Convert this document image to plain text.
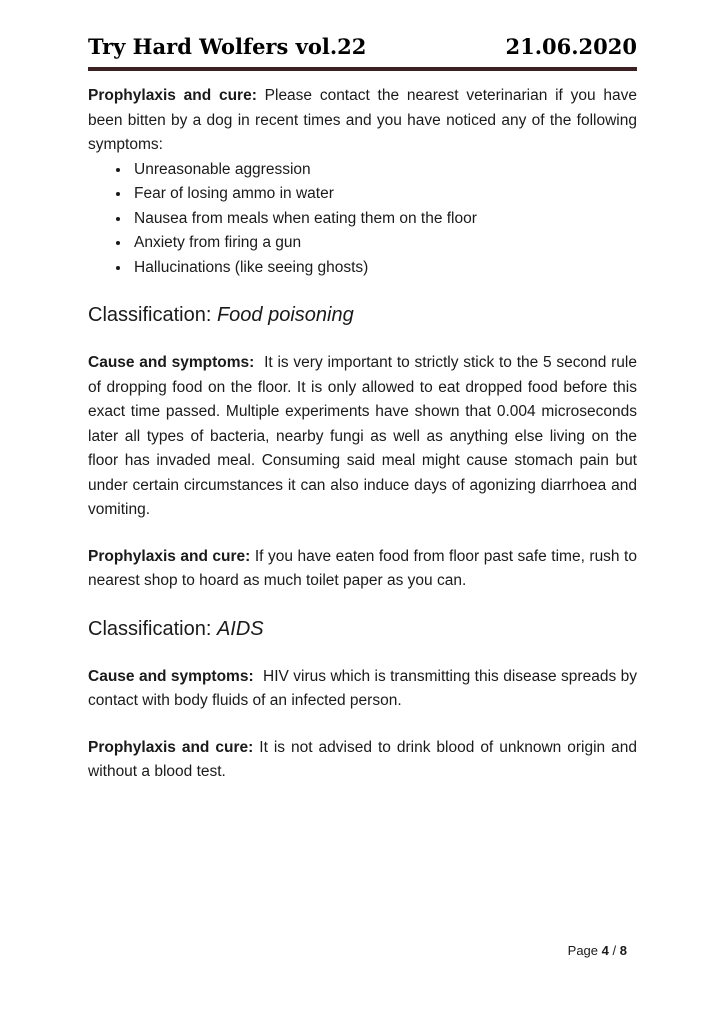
Try Hard Wolfers vol.22	21.06.2020

Prophylaxis and cure: Please contact the nearest veterinarian if you have been bitten by a dog in recent times and you have noticed any of the following symptoms:

• Unreasonable aggression
• Fear of losing ammo in water
• Nausea from meals when eating them on the floor
• Anxiety from firing a gun
• Hallucinations (like seeing ghosts)
Classification: Food poisoning

Cause and symptoms: It is very important to strictly stick to the 5 second rule of dropping food on the floor. It is only allowed to eat dropped food before this exact time passed. Multiple experiments have shown that 0.004 microseconds later all types of bacteria, nearby fungi as well as anything else living on the floor has invaded meal. Consuming said meal might cause stomach pain but under certain circumstances it can also induce days of agonizing diarrhoea and vomiting.

Prophylaxis and cure: If you have eaten food from floor past safe time, rush to nearest shop to hoard as much toilet paper as you can.

Classification: AIDS

Cause and symptoms: HIV virus which is transmitting this disease spreads by contact with body fluids of an infected person.

Prophylaxis and cure: It is not advised to drink blood of unknown origin and without a blood test.

Page 4 / 8
